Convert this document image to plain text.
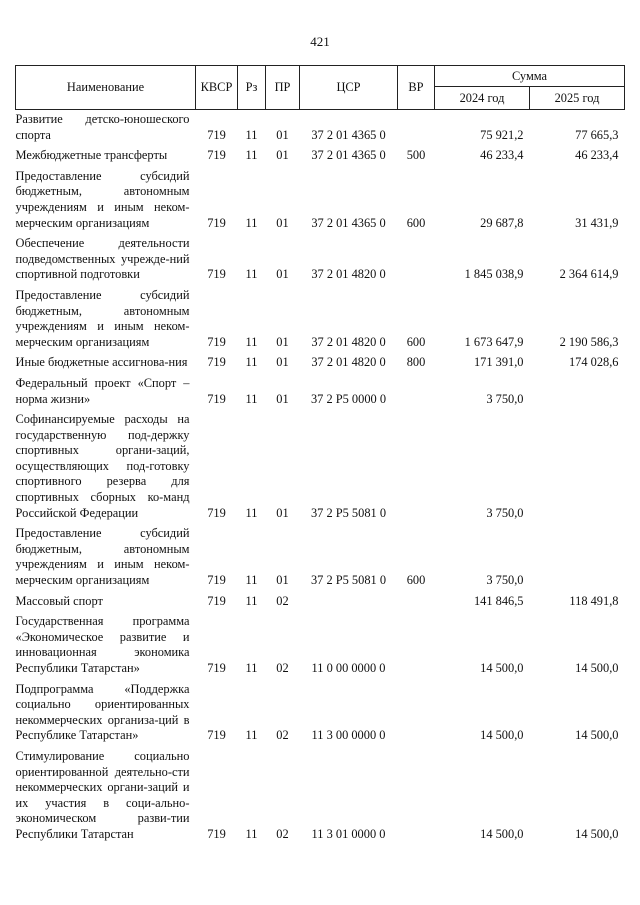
421
Наименование	КВСР	Рз	ПР	ЦСР	ВР	Сумма	
						2024 год	2025 год
Развитие детско-юношеского спорта	719	11	01	37 2 01 4365 0		75 921,2	77 665,3
Межбюджетные трансферты	719	11	01	37 2 01 4365 0	500	46 233,4	46 233,4
Предоставление субсидий бюджетным, автономным учреждениям и иным неком-мерческим организациям	719	11	01	37 2 01 4365 0	600	29 687,8	31 431,9
Обеспечение деятельности подведомственных учрежде-ний спортивной подготовки	719	11	01	37 2 01 4820 0		1 845 038,9	2 364 614,9
Предоставление субсидий бюджетным, автономным учреждениям и иным неком-мерческим организациям	719	11	01	37 2 01 4820 0	600	1 673 647,9	2 190 586,3
Иные бюджетные ассигнова-ния	719	11	01	37 2 01 4820 0	800	171 391,0	174 028,6
Федеральный проект «Спорт – норма жизни»	719	11	01	37 2 P5 0000 0		3 750,0	
Софинансируемые расходы на государственную под-держку спортивных органи-заций, осуществляющих под-готовку спортивного резерва для спортивных сборных ко-манд Российской Федерации	719	11	01	37 2 P5 5081 0		3 750,0	
Предоставление субсидий бюджетным, автономным учреждениям и иным неком-мерческим организациям	719	11	01	37 2 P5 5081 0	600	3 750,0	
Массовый спорт	719	11	02			141 846,5	118 491,8
Государственная программа «Экономическое развитие и инновационная экономика Республики Татарстан»	719	11	02	11 0 00 0000 0		14 500,0	14 500,0
Подпрограмма «Поддержка социально ориентированных некоммерческих организа-ций в Республике Татарстан»	719	11	02	11 3 00 0000 0		14 500,0	14 500,0
Стимулирование социально ориентированной деятельно-сти некоммерческих органи-заций и их участия в соци-ально-экономическом разви-тии Республики Татарстан	719	11	02	11 3 01 0000 0		14 500,0	14 500,0
